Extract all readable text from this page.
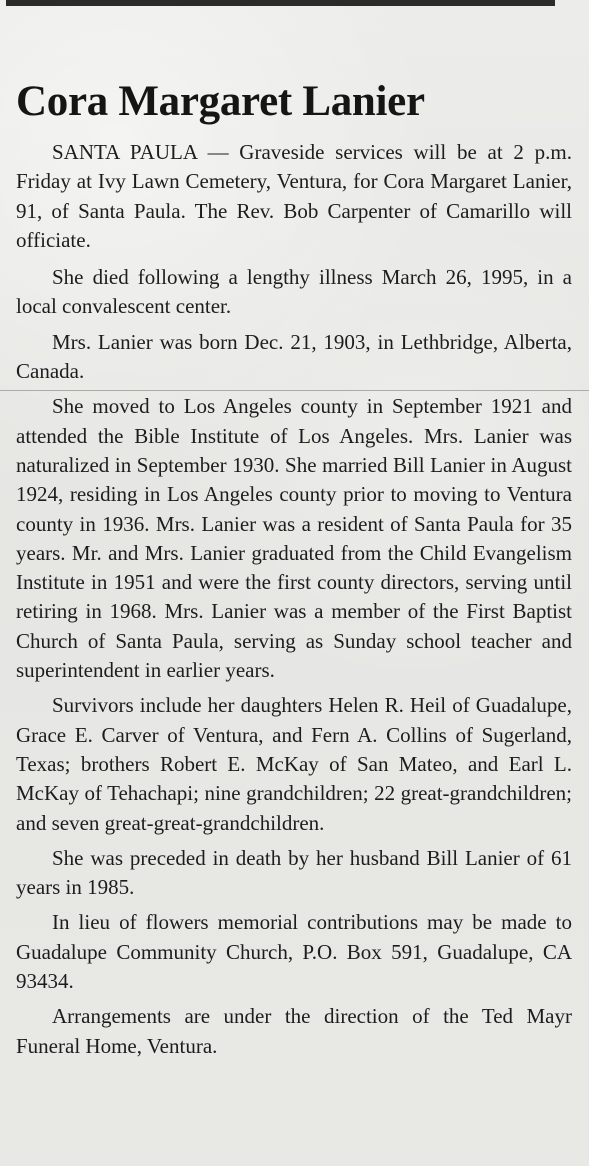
Cora Margaret Lanier

SANTA PAULA — Graveside services will be at 2 p.m. Friday at Ivy Lawn Cemetery, Ventura, for Cora Margaret Lanier, 91, of Santa Paula. The Rev. Bob Carpenter of Camarillo will officiate.

She died following a lengthy illness March 26, 1995, in a local convalescent center.

Mrs. Lanier was born Dec. 21, 1903, in Lethbridge, Alberta, Canada.

She moved to Los Angeles county in September 1921 and attended the Bible Institute of Los Angeles. Mrs. Lanier was naturalized in September 1930. She married Bill Lanier in August 1924, residing in Los Angeles county prior to moving to Ventura county in 1936. Mrs. Lanier was a resident of Santa Paula for 35 years. Mr. and Mrs. Lanier graduated from the Child Evangelism Institute in 1951 and were the first county directors, serving until retiring in 1968. Mrs. Lanier was a member of the First Baptist Church of Santa Paula, serving as Sunday school teacher and superintendent in earlier years.

Survivors include her daughters Helen R. Heil of Guadalupe, Grace E. Carver of Ventura, and Fern A. Collins of Sugerland, Texas; brothers Robert E. McKay of San Mateo, and Earl L. McKay of Tehachapi; nine grandchildren; 22 great-grandchildren; and seven great-great-grandchildren.

She was preceded in death by her husband Bill Lanier of 61 years in 1985.

In lieu of flowers memorial contributions may be made to Guadalupe Community Church, P.O. Box 591, Guadalupe, CA 93434.

Arrangements are under the direction of the Ted Mayr Funeral Home, Ventura.
